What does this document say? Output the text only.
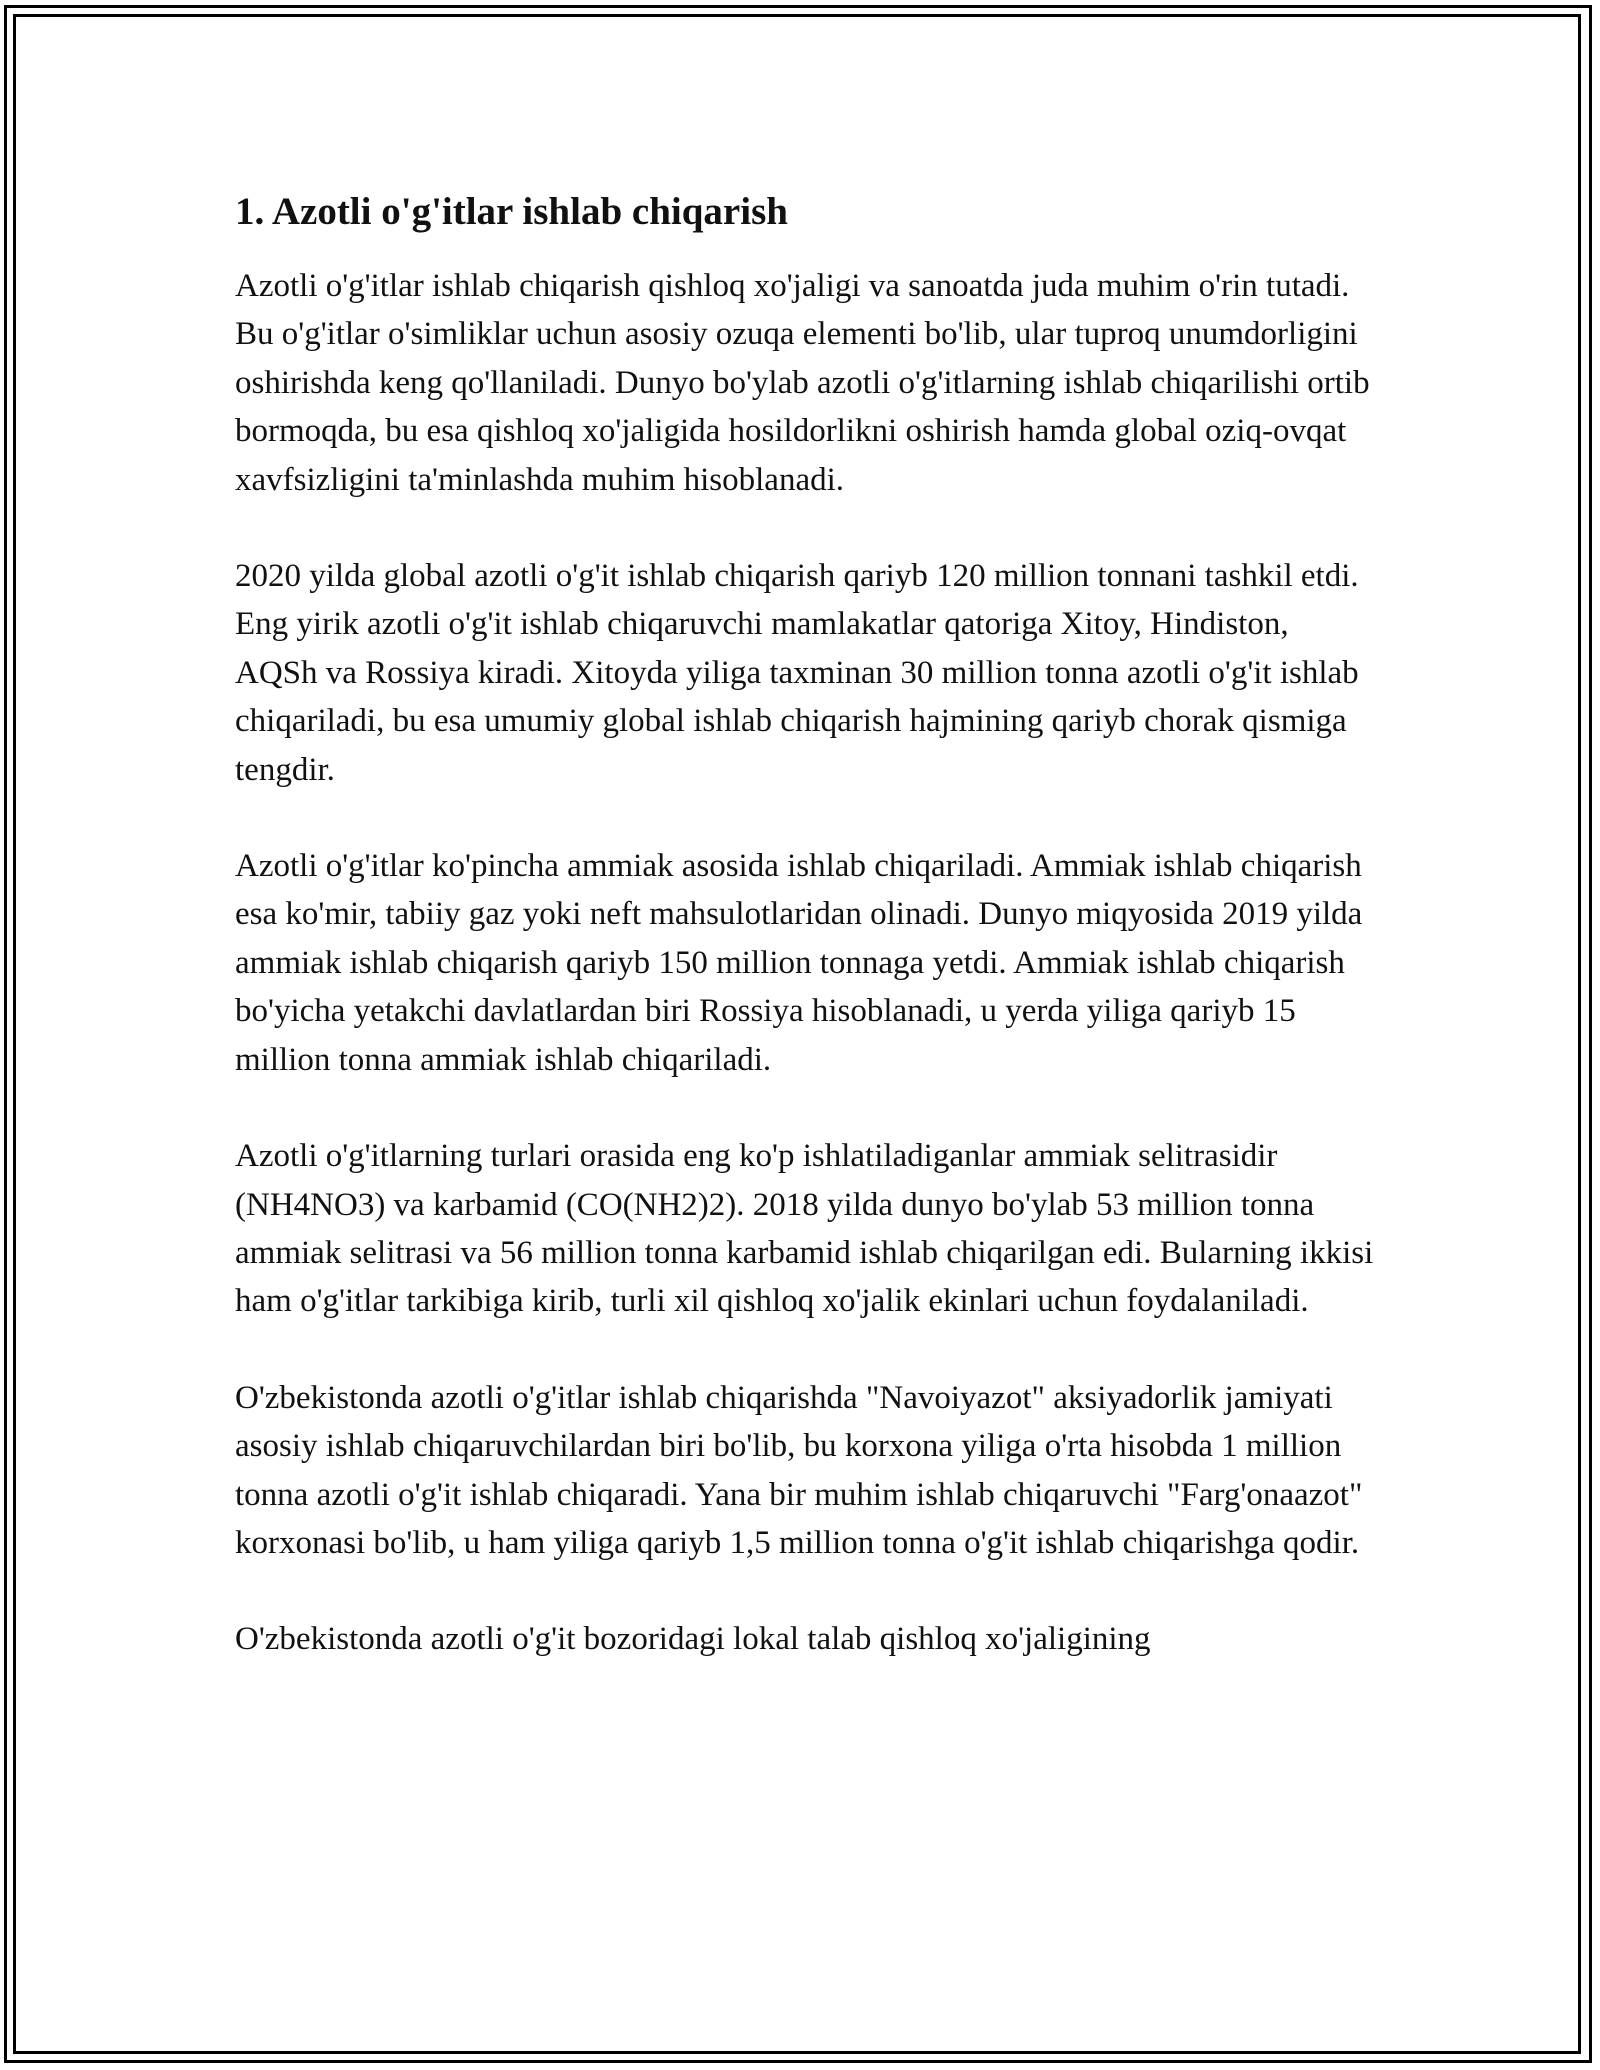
1. Azotli o'g'itlar ishlab chiqarish

Azotli o'g'itlar ishlab chiqarish qishloq xo'jaligi va sanoatda juda muhim o'rin tutadi. Bu o'g'itlar o'simliklar uchun asosiy ozuqa elementi bo'lib, ular tuproq unumdorligini oshirishda keng qo'llaniladi. Dunyo bo'ylab azotli o'g'itlarning ishlab chiqarilishi ortib bormoqda, bu esa qishloq xo'jaligida hosildorlikni oshirish hamda global oziq-ovqat xavfsizligini ta'minlashda muhim hisoblanadi.

2020 yilda global azotli o'g'it ishlab chiqarish qariyb 120 million tonnani tashkil etdi. Eng yirik azotli o'g'it ishlab chiqaruvchi mamlakatlar qatoriga Xitoy, Hindiston, AQSh va Rossiya kiradi. Xitoyda yiliga taxminan 30 million tonna azotli o'g'it ishlab chiqariladi, bu esa umumiy global ishlab chiqarish hajmining qariyb chorak qismiga tengdir.

Azotli o'g'itlar ko'pincha ammiak asosida ishlab chiqariladi. Ammiak ishlab chiqarish esa ko'mir, tabiiy gaz yoki neft mahsulotlaridan olinadi. Dunyo miqyosida 2019 yilda ammiak ishlab chiqarish qariyb 150 million tonnaga yetdi. Ammiak ishlab chiqarish bo'yicha yetakchi davlatlardan biri Rossiya hisoblanadi, u yerda yiliga qariyb 15 million tonna ammiak ishlab chiqariladi.

Azotli o'g'itlarning turlari orasida eng ko'p ishlatiladiganlar ammiak selitrasidir (NH4NO3) va karbamid (CO(NH2)2). 2018 yilda dunyo bo'ylab 53 million tonna ammiak selitrasi va 56 million tonna karbamid ishlab chiqarilgan edi. Bularning ikkisi ham o'g'itlar tarkibiga kirib, turli xil qishloq xo'jalik ekinlari uchun foydalaniladi.

O'zbekistonda azotli o'g'itlar ishlab chiqarishda "Navoiyazot" aksiyadorlik jamiyati asosiy ishlab chiqaruvchilardan biri bo'lib, bu korxona yiliga o'rta hisobda 1 million tonna azotli o'g'it ishlab chiqaradi. Yana bir muhim ishlab chiqaruvchi "Farg'onaazot" korxonasi bo'lib, u ham yiliga qariyb 1,5 million tonna o'g'it ishlab chiqarishga qodir.

O'zbekistonda azotli o'g'it bozoridagi lokal talab qishloq xo'jaligining
